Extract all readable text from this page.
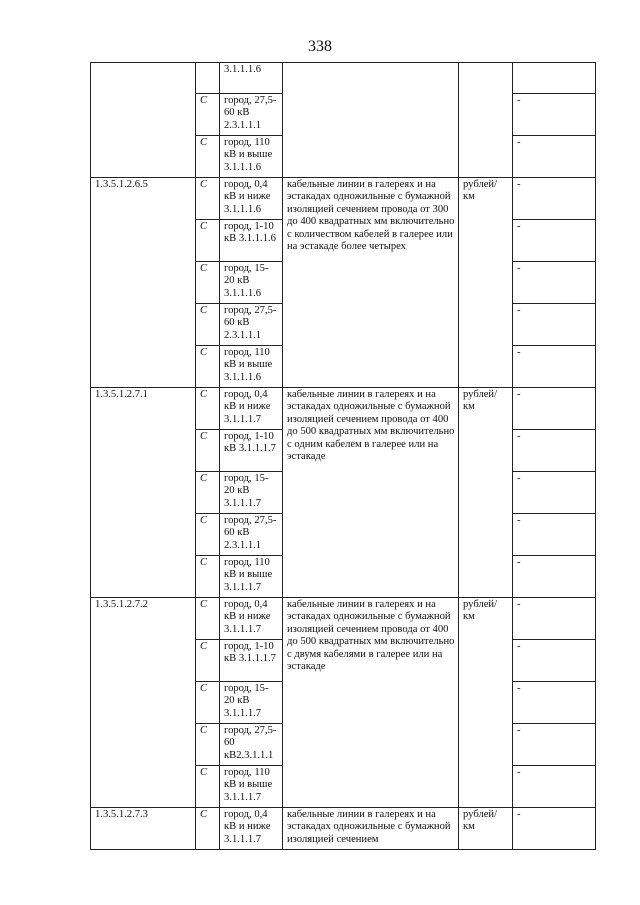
338
		3.1.1.1.6			
	С	город, 27,5-60 кВ 2.3.1.1.1			-
	С	город, 110 кВ и выше 3.1.1.1.6			-
1.3.5.1.2.6.5	С	город, 0,4 кВ и ниже 3.1.1.1.6	кабельные линии в галереях и на эстакадах одножильные с бумажной изоляцией сечением провода от 300 до 400 квадратных мм включительно с количеством кабелей в галерее или на эстакаде более четырех	рублей/ км	-
	С	город, 1-10 кВ 3.1.1.1.6			-
	С	город, 15-20 кВ 3.1.1.1.6			-
	С	город, 27,5-60 кВ 2.3.1.1.1			-
	С	город, 110 кВ и выше 3.1.1.1.6			-
1.3.5.1.2.7.1	С	город, 0,4 кВ и ниже 3.1.1.1.7	кабельные линии в галереях и на эстакадах одножильные с бумажной изоляцией сечением провода от 400 до 500 квадратных мм включительно с одним кабелем в галерее или на эстакаде	рублей/ км	-
	С	город, 1-10 кВ 3.1.1.1.7			-
	С	город, 15-20 кВ 3.1.1.1.7			-
	С	город, 27,5-60 кВ 2.3.1.1.1			-
	С	город, 110 кВ и выше 3.1.1.1.7			-
1.3.5.1.2.7.2	С	город, 0,4 кВ и ниже 3.1.1.1.7	кабельные линии в галереях и на эстакадах одножильные с бумажной изоляцией сечением провода от 400 до 500 квадратных мм включительно с двумя кабелями в галерее или на эстакаде	рублей/ км	-
	С	город, 1-10 кВ 3.1.1.1.7			-
	С	город, 15-20 кВ 3.1.1.1.7			-
	С	город, 27,5-60 кВ2.3.1.1.1			-
	С	город, 110 кВ и выше 3.1.1.1.7			-
1.3.5.1.2.7.3	С	город, 0,4 кВ и ниже 3.1.1.1.7	кабельные линии в галереях и на эстакадах одножильные с бумажной изоляцией сечением	рублей/ км	-
